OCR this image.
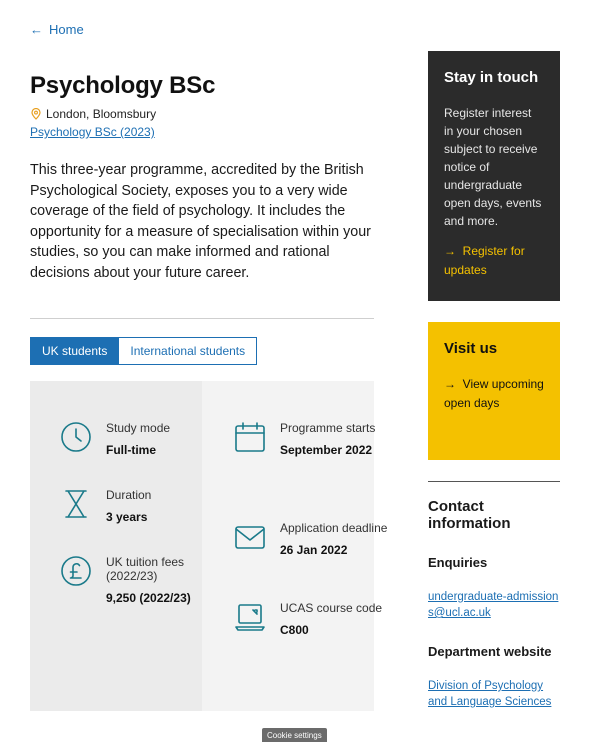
← Home
Psychology BSc
London, Bloomsbury
Psychology BSc (2023)

This three-year programme, accredited by the British Psychological Society, exposes you to a very wide coverage of the field of psychology. It includes the opportunity for a measure of specialisation within your studies, so you can make informed and rational decisions about your future career.

UK students	International students
Study mode
Full-time
Duration
3 years
UK tuition fees (2022/23)
9,250 (2022/23)
Programme starts
September 2022
Application deadline
26 Jan 2022
UCAS course code
C800
Stay in touch

Register interest in your chosen subject to receive notice of undergraduate open days, events and more.

→ Register for updates
Visit us
→ View upcoming open days
Contact information
Enquiries
undergraduate-admissions@ucl.ac.uk
Department website
Division of Psychology and Language Sciences
Cookie settings
